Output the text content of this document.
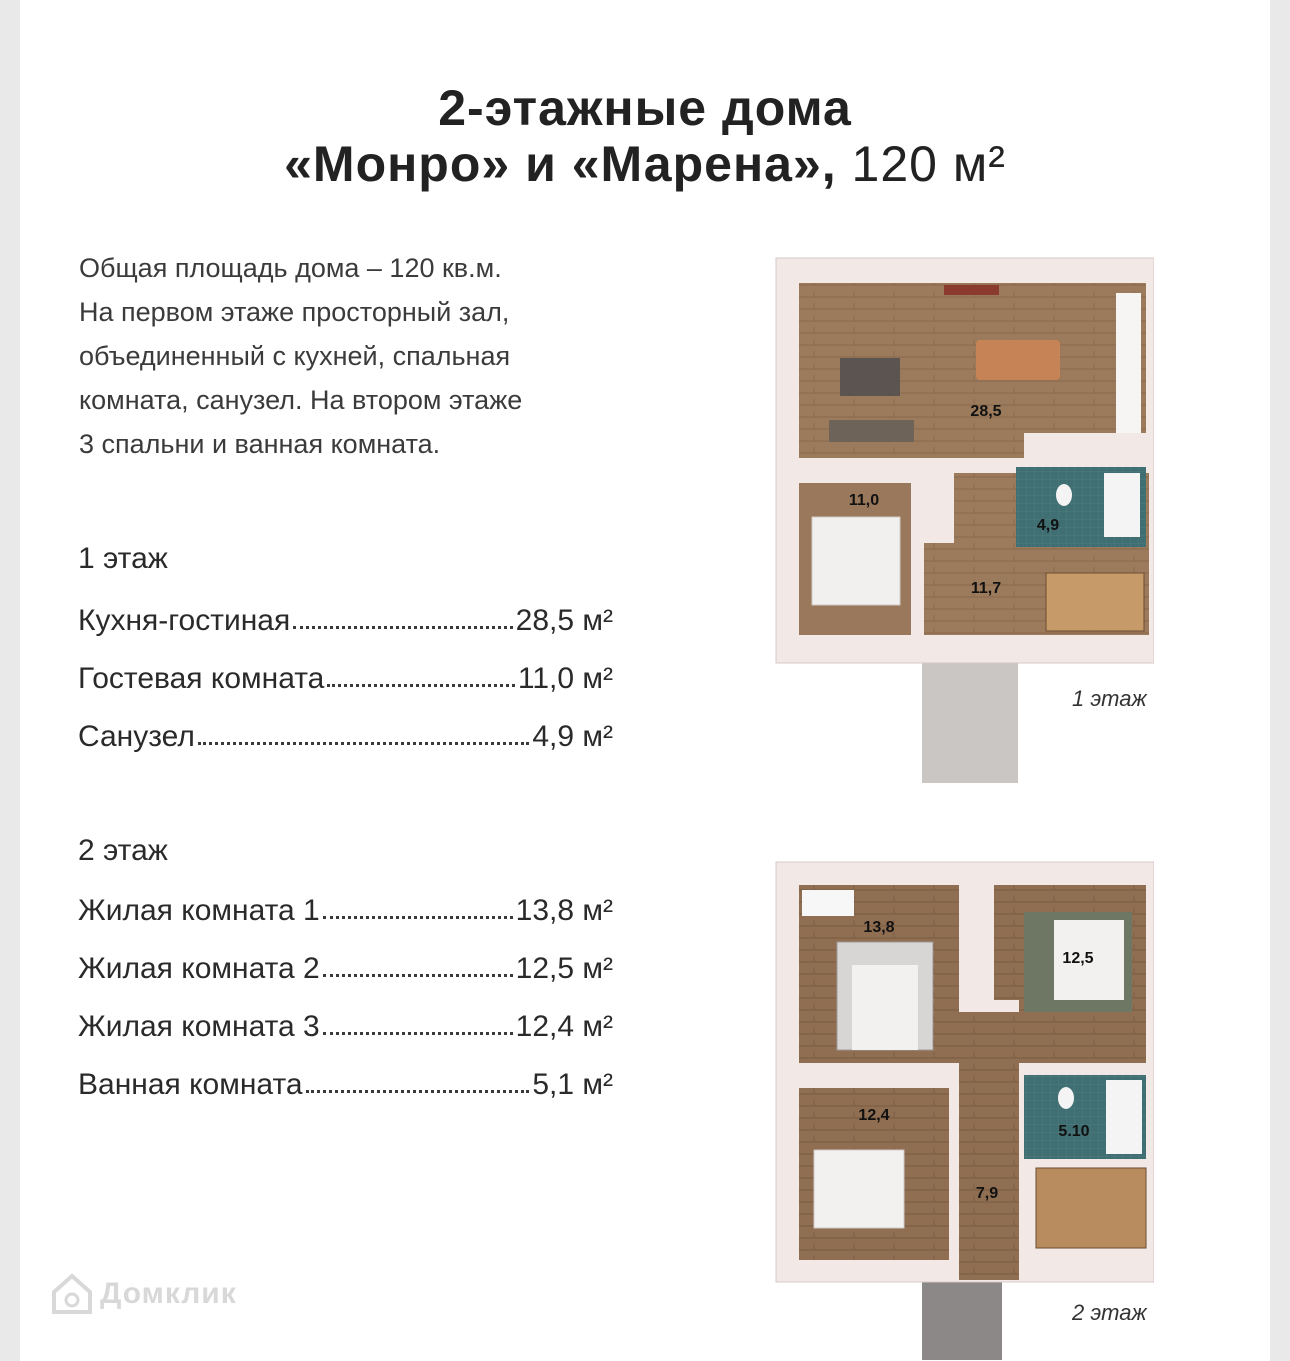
2-этажные дома
«Монро» и «Марена», 120 м²

Общая площадь дома – 120 кв.м.
На первом этаже просторный зал,
объединенный с кухней, спальная
комната, санузел. На втором этаже
3 спальни и ванная комната.

1 этаж
Кухня-гостиная	28,5 м²
Гостевая комната	11,0 м²
Санузел	4,9 м²
2 этаж
Жилая комната 1	13,8 м²
Жилая комната 2	12,5 м²
Жилая комната 3	12,4 м²
Ванная комната	5,1 м²
28,5
11,0
4,9
11,7
1 этаж
13,8
12,5
5.10
12,4
7,9
2 этаж
Домклик
